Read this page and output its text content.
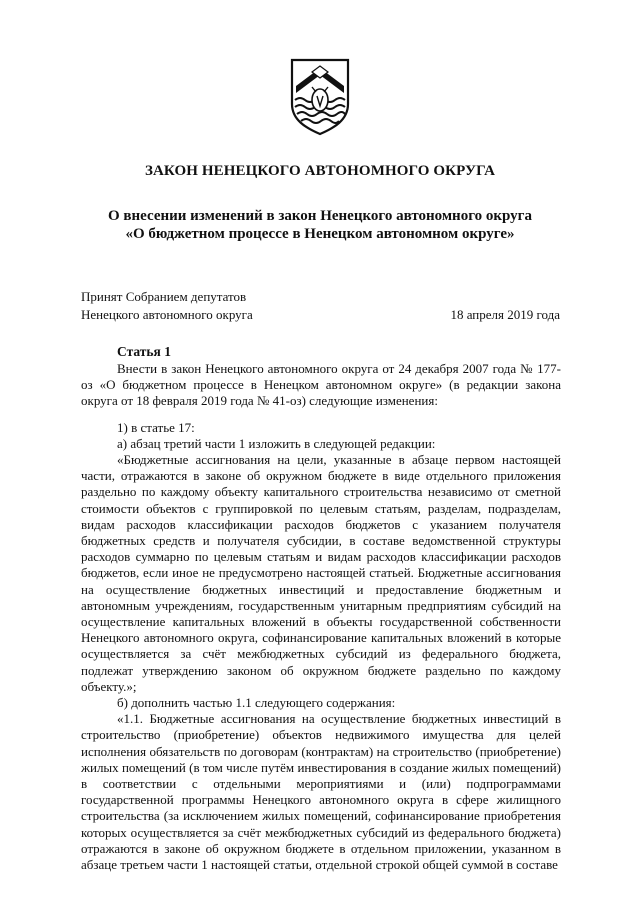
ЗАКОН НЕНЕЦКОГО АВТОНОМНОГО ОКРУГА
О внесении изменений в закон Ненецкого автономного округа
«О бюджетном процессе в Ненецком автономном округе»
Принят Собранием депутатов
Ненецкого автономного округа	18 апреля 2019 года
Статья 1

Внести в закон Ненецкого автономного округа от 24 декабря 2007 года № 177-оз «О бюджетном процессе в Ненецком автономном округе» (в редакции закона округа от 18 февраля 2019 года № 41-оз) следующие изменения:

1) в статье 17:

а) абзац третий части 1 изложить в следующей редакции:

«Бюджетные ассигнования на цели, указанные в абзаце первом настоящей части, отражаются в законе об окружном бюджете в виде отдельного приложения раздельно по каждому объекту капитального строительства независимо от сметной стоимости объектов с группировкой по целевым статьям, разделам, подразделам, видам расходов классификации расходов бюджетов с указанием получателя бюджетных средств и получателя субсидии, в составе ведомственной структуры расходов суммарно по целевым статьям и видам расходов классификации расходов бюджетов, если иное не предусмотрено настоящей статьей. Бюджетные ассигнования на осуществление бюджетных инвестиций и предоставление бюджетным и автономным учреждениям, государственным унитарным предприятиям субсидий на осуществление капитальных вложений в объекты государственной собственности Ненецкого автономного округа, софинансирование капитальных вложений в которые осуществляется за счёт межбюджетных субсидий из федерального бюджета, подлежат утверждению законом об окружном бюджете раздельно по каждому объекту.»;

б) дополнить частью 1.1 следующего содержания:

«1.1. Бюджетные ассигнования на осуществление бюджетных инвестиций в строительство (приобретение) объектов недвижимого имущества для целей исполнения обязательств по договорам (контрактам) на строительство (приобретение) жилых помещений (в том числе путём инвестирования в создание жилых помещений) в соответствии с отдельными мероприятиями и (или) подпрограммами государственной программы Ненецкого автономного округа в сфере жилищного строительства (за исключением жилых помещений, софинансирование приобретения которых осуществляется за счёт межбюджетных субсидий из федерального бюджета) отражаются в законе об окружном бюджете в отдельном приложении, указанном в абзаце третьем части 1 настоящей статьи, отдельной строкой общей суммой в составе
